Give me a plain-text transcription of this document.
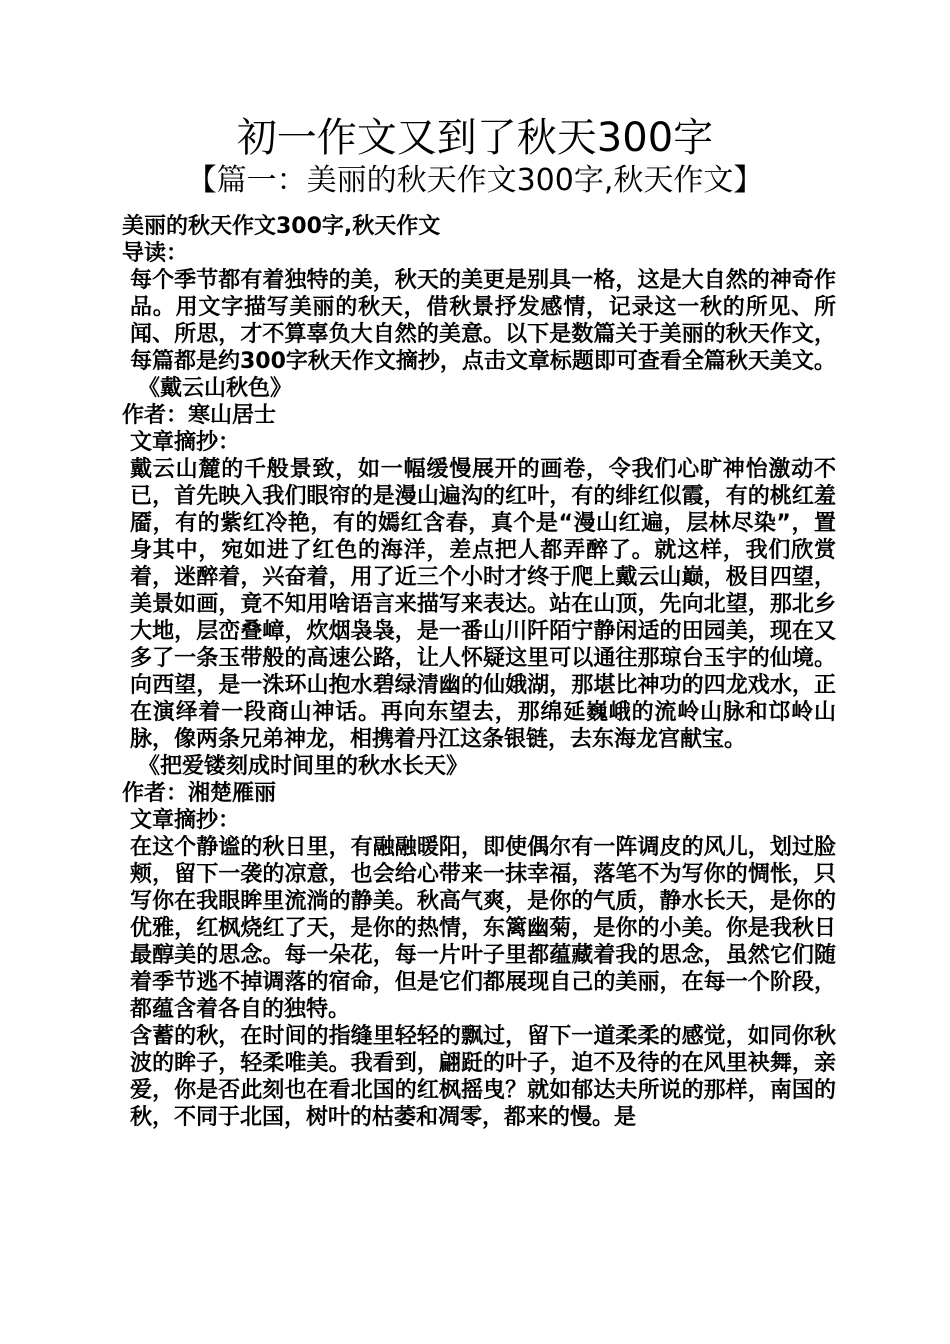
初一作文又到了秋天300字
【篇一：美丽的秋天作文300字,秋天作文】

美丽的秋天作文300字,秋天作文

导读：

每个季节都有着独特的美，秋天的美更是别具一格，这是大自然的神奇作品。用文字描写美丽的秋天，借秋景抒发感情，记录这一秋的所见、所闻、所思，才不算辜负大自然的美意。以下是数篇关于美丽的秋天作文，每篇都是约300字秋天作文摘抄，点击文章标题即可查看全篇秋天美文。

《戴云山秋色》

作者：寒山居士

文章摘抄：

戴云山麓的千般景致，如一幅缓慢展开的画卷，令我们心旷神怡激动不已，首先映入我们眼帘的是漫山遍沟的红叶，有的绯红似霞，有的桃红羞靥，有的紫红冷艳，有的嫣红含春，真个是“漫山红遍，层林尽染”，置身其中，宛如进了红色的海洋，差点把人都弄醉了。就这样，我们欣赏着，迷醉着，兴奋着，用了近三个小时才终于爬上戴云山巅，极目四望，美景如画，竟不知用啥语言来描写来表达。站在山顶，先向北望，那北乡大地，层峦叠嶂，炊烟袅袅，是一番山川阡陌宁静闲适的田园美，现在又多了一条玉带般的高速公路，让人怀疑这里可以通往那琼台玉宇的仙境。向西望，是一洙环山抱水碧绿清幽的仙娥湖，那堪比神功的四龙戏水，正在演绎着一段商山神话。再向东望去，那绵延巍峨的流岭山脉和邙岭山脉，像两条兄弟神龙，相携着丹江这条银链，去东海龙宫献宝。

《把爱镂刻成时间里的秋水长天》

作者：湘楚雁丽

文章摘抄：

在这个静谧的秋日里，有融融暖阳，即使偶尔有一阵调皮的风儿，划过脸颊，留下一袭的凉意，也会给心带来一抹幸福，落笔不为写你的惆怅，只写你在我眼眸里流淌的静美。秋高气爽，是你的气质，静水长天，是你的优雅，红枫烧红了天，是你的热情，东篱幽菊，是你的小美。你是我秋日最醇美的思念。每一朵花，每一片叶子里都蕴藏着我的思念，虽然它们随着季节逃不掉调落的宿命，但是它们都展现自己的美丽，在每一个阶段，都蕴含着各自的独特。

含蓄的秋，在时间的指缝里轻轻的飘过，留下一道柔柔的感觉，如同你秋波的眸子，轻柔唯美。我看到，翩跹的叶子，迫不及待的在风里袂舞，亲爱，你是否此刻也在看北国的红枫摇曳？就如郁达夫所说的那样，南国的秋，不同于北国，树叶的枯萎和凋零，都来的慢。是
